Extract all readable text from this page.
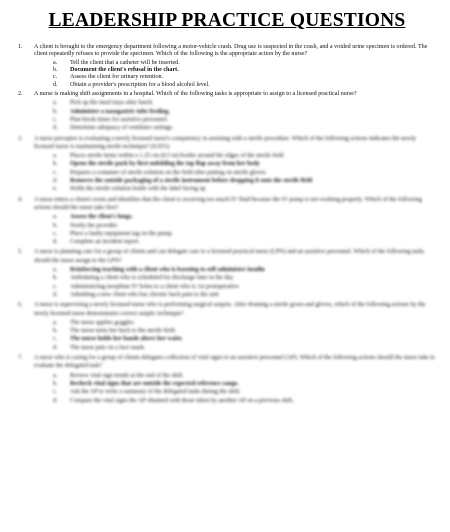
LEADERSHIP PRACTICE QUESTIONS
1.	A client is brought to the emergency department following a motor-vehicle crash. Drug use is suspected in the crash, and a voided urine specimen is ordered. The client repeatedly refuses to provide the specimen. Which of the following is the appropriate action by the nurse?
a.	Tell the client that a catheter will be inserted.
b.	Document the client's refusal in the chart.
c.	Assess the client for urinary retention.
d.	Obtain a provider's prescription for a blood alcohol level.
2.	A nurse is making shift assignments in a hospital. Which of the following tasks is appropriate to assign to a licensed practical nurse?
a.	Pick up the meal trays after lunch.
b.	Administer a nasogastric tube feeding.
c.	Plan break times for assistive personnel.
d.	Determine adequacy of ventilator settings.
3.	A nurse preceptor is evaluating a newly licensed nurse's competency in assisting with a sterile procedure. Which of the following actions indicates the newly licensed nurse is maintaining sterile technique? (SATA)
a.	Places sterile items within a 1.25 cm (0.5 in) border around the edges of the sterile field
b.	Opens the sterile pack by first unfolding the top flap away from her body
c.	Prepares a container of sterile solution on the field after putting on sterile gloves
d.	Removes the outside packaging of a sterile instrument before dropping it onto the sterile field
e.	Holds the sterile solution bottle with the label facing up
4.	A nurse enters a client's room and identifies that the client is receiving too much IV fluid because the IV pump is not working properly. Which of the following actions should the nurse take first?
a.	Assess the client's lungs.
b.	Notify the provider.
c.	Place a faulty equipment tag on the pump.
d.	Complete an incident report.
5.	A nurse is planning care for a group of clients and can delegate care to a licensed practical nurse (LPN) and an assistive personnel. Which of the following tasks should the nurse assign to the LPN?
a.	Reinforcing teaching with a client who is learning to self-administer insulin
b.	Ambulating a client who is scheduled for discharge later in the day
c.	Administering morphine IV bolus to a client who is 1st postoperative
d.	Admitting a new client who has chronic back pain to the unit
6.	A nurse is supervising a newly licensed nurse who is performing surgical asepsis. After donning a sterile gown and gloves, which of the following actions by the newly licensed nurse demonstrates correct aseptic technique?
a.	The nurse applies goggles.
b.	The nurse turns her back to the sterile field.
c.	The nurse holds her hands above her waist.
d.	The nurse puts on a face mask.
7.	A nurse who is caring for a group of clients delegates collection of vital signs to an assistive personnel (AP). Which of the following actions should the nurse take to evaluate the delegated task?
a.	Review vital sign trends at the end of the shift.
b.	Recheck vital signs that are outside the expected reference range.
c.	Ask the AP to write a summary of the delegated tasks during the shift.
d.	Compare the vital signs the AP obtained with those taken by another AP on a previous shift.
